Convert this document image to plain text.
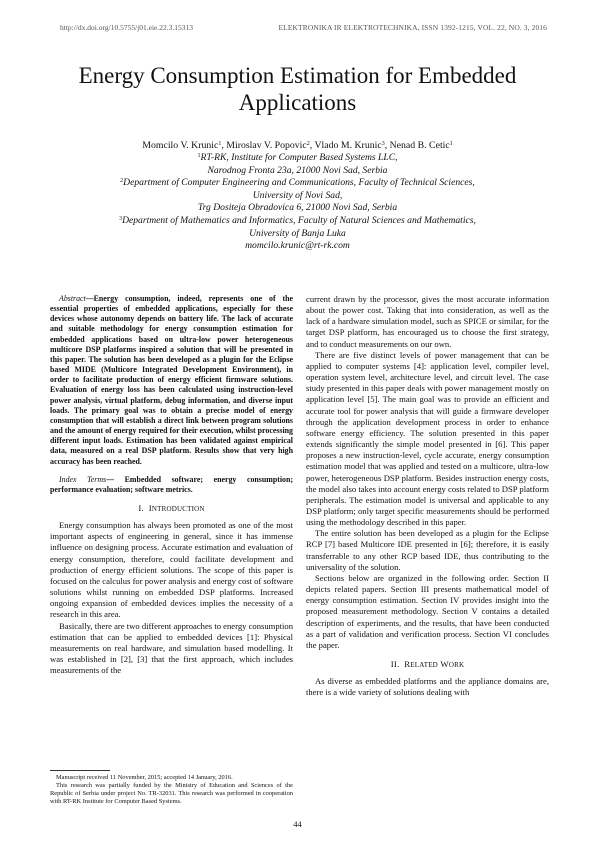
http://dx.doi.org/10.5755/j01.eie.22.3.15313	ELEKTRONIKA IR ELEKTROTECHNIKA, ISSN 1392-1215, VOL. 22, NO. 3, 2016
Energy Consumption Estimation for Embedded
Applications
Momcilo V. Krunic$^1$, Miroslav V. Popovic$^2$, Vlado M. Krunic$^3$, Nenad B. Cetic$^1$
$^1$RT-RK, Institute for Computer Based Systems LLC,
Narodnog Fronta 23a, 21000 Novi Sad, Serbia
$^2$Department of Computer Engineering and Communications, Faculty of Technical Sciences,
University of Novi Sad,
Trg Dositeja Obradovica 6, 21000 Novi Sad, Serbia
$^3$Department of Mathematics and Informatics, Faculty of Natural Sciences and Mathematics,
University of Banja Luka
momcilo.krunic@rt-rk.com

Abstract—Energy consumption, indeed, represents one of the essential properties of embedded applications, especially for these devices whose autonomy depends on battery life. The lack of accurate and suitable methodology for energy consumption estimation for embedded applications based on ultra-low power heterogeneous multicore DSP platforms inspired a solution that will be presented in this paper. The solution has been developed as a plugin for the Eclipse based MIDE (Multicore Integrated Development Environment), in order to facilitate production of energy efficient firmware solutions. Evaluation of energy loss has been calculated using instruction-level power analysis, virtual platform, debug information, and diverse input loads. The primary goal was to obtain a precise model of energy consumption that will establish a direct link between program solutions and the amount of energy required for their execution, whilst processing different input loads. Estimation has been validated against empirical data, measured on a real DSP platform. Results show that very high accuracy has been reached.

Index Terms— Embedded software; energy consumption; performance evaluation; software metrics.

I. INTRODUCTION

Energy consumption has always been promoted as one of the most important aspects of engineering in general, since it has immense influence on designing process. Accurate estimation and evaluation of energy consumption, therefore, could facilitate development and production of energy efficient solutions. The scope of this paper is focused on the calculus for power analysis and energy cost of software solutions whilst running on embedded DSP platforms. Increased ongoing expansion of embedded devices implies the necessity of a research in this area.

Basically, there are two different approaches to energy consumption estimation that can be applied to embedded devices [1]: Physical measurements on real hardware, and simulation based modelling. It was established in [2], [3] that the first approach, which includes measurements of the

current drawn by the processor, gives the most accurate information about the power cost. Taking that into consideration, as well as the lack of a hardware simulation model, such as SPICE or similar, for the target DSP platform, has encouraged us to choose the first strategy, and to conduct measurements on our own.

There are five distinct levels of power management that can be applied to computer systems [4]: application level, compiler level, operation system level, architecture level, and circuit level. The case study presented in this paper deals with power management mostly on application level [5]. The main goal was to provide an efficient and accurate tool for power analysis that will guide a firmware developer through the application development process in order to enhance software energy efficiency. The solution presented in this paper extends significantly the simple model presented in [6]. This paper proposes a new instruction-level, cycle accurate, energy consumption estimation model that was applied and tested on a multicore, ultra-low power, heterogeneous DSP platform. Besides instruction energy costs, the model also takes into account energy costs related to DSP platform peripherals. The estimation model is universal and applicable to any DSP platform; only target specific measurements should be performed using the methodology described in this paper.

The entire solution has been developed as a plugin for the Eclipse RCP [7] based Multicore IDE presented in [6]; therefore, it is easily transferrable to any other RCP based IDE, thus contributing to the universality of the solution.

Sections below are organized in the following order. Section II depicts related papers. Section III presents mathematical model of energy consumption estimation. Section IV provides insight into the proposed measurement methodology. Section V contains a detailed description of experiments, and the results, that have been conducted as a part of validation and verification process. Section VI concludes the paper.

II. RELATED WORK

As diverse as embedded platforms and the appliance domains are, there is a wide variety of solutions dealing with

Manuscript received 11 November, 2015; accepted 14 January, 2016.

This research was partially funded by the Ministry of Education and Sciences of the Republic of Serbia under project No. TR-32031. This research was performed in cooperation with RT-RK Institute for Computer Based Systems.

44
